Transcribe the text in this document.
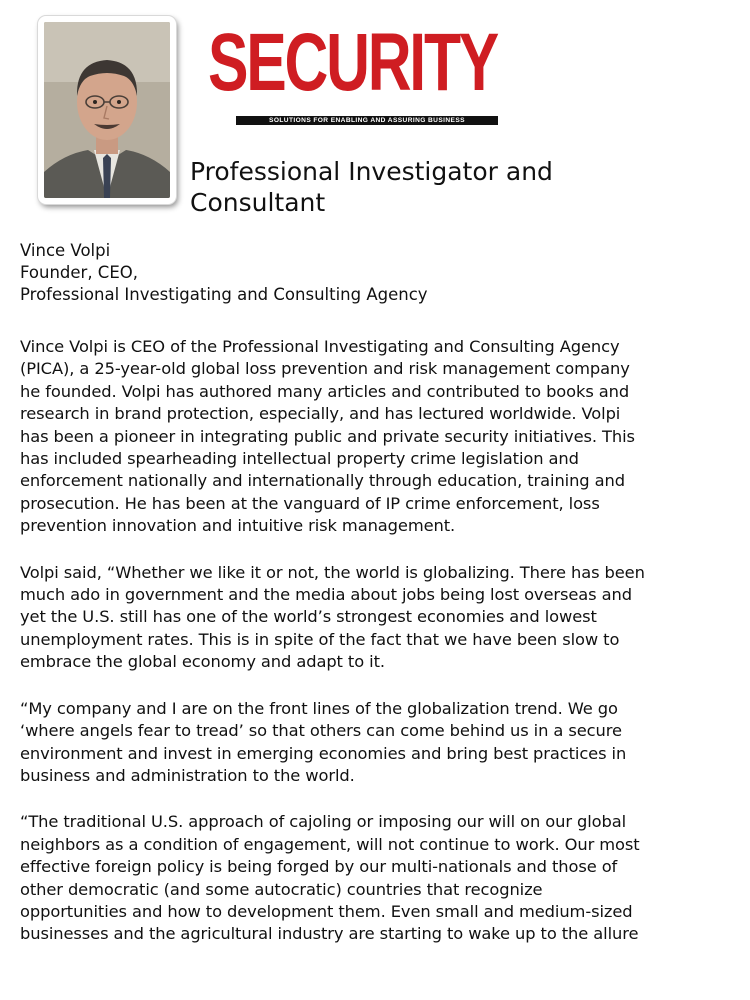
SECURITY
SOLUTIONS FOR ENABLING AND ASSURING BUSINESS
Professional Investigator and
Consultant
Vince Volpi
Founder, CEO,
Professional Investigating and Consulting Agency

Vince Volpi is CEO of the Professional Investigating and Consulting Agency
(PICA), a 25-year-old global loss prevention and risk management company
he founded. Volpi has authored many articles and contributed to books and
research in brand protection, especially, and has lectured worldwide. Volpi
has been a pioneer in integrating public and private security initiatives. This
has included spearheading intellectual property crime legislation and
enforcement nationally and internationally through education, training and
prosecution. He has been at the vanguard of IP crime enforcement, loss
prevention innovation and intuitive risk management.

Volpi said, “Whether we like it or not, the world is globalizing. There has been
much ado in government and the media about jobs being lost overseas and
yet the U.S. still has one of the world’s strongest economies and lowest
unemployment rates. This is in spite of the fact that we have been slow to
embrace the global economy and adapt to it.

“My company and I are on the front lines of the globalization trend. We go
‘where angels fear to tread’ so that others can come behind us in a secure
environment and invest in emerging economies and bring best practices in
business and administration to the world.

“The traditional U.S. approach of cajoling or imposing our will on our global
neighbors as a condition of engagement, will not continue to work. Our most
effective foreign policy is being forged by our multi-nationals and those of
other democratic (and some autocratic) countries that recognize
opportunities and how to development them. Even small and medium-sized
businesses and the agricultural industry are starting to wake up to the allure
